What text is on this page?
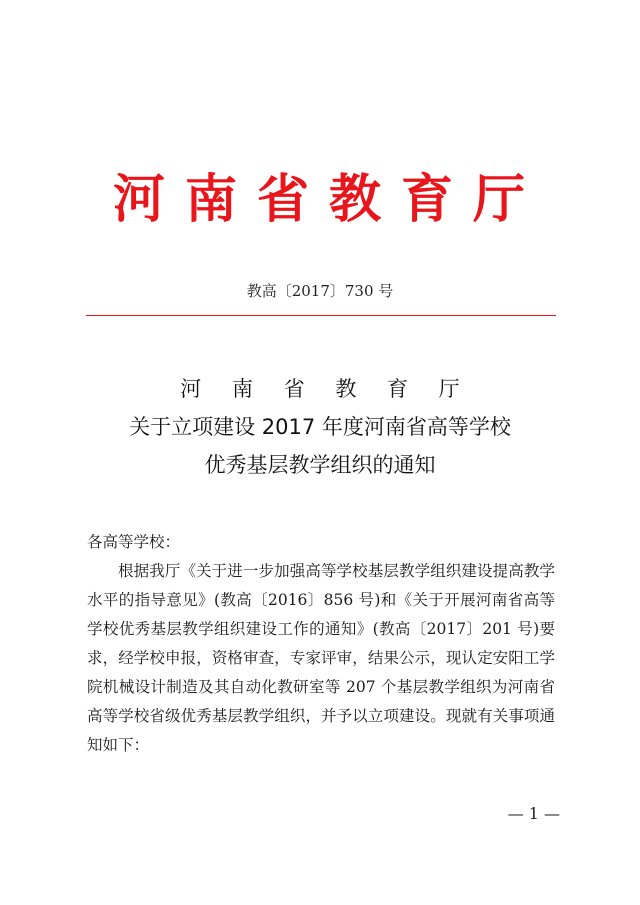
河南省教育厅
教高〔2017〕730 号
河 南 省 教 育 厅
关于立项建设 2017 年度河南省高等学校
优秀基层教学组织的通知

各高等学校：

根据我厅《关于进一步加强高等学校基层教学组织建设提高教学水平的指导意见》(教高〔2016〕856 号)和《关于开展河南省高等学校优秀基层教学组织建设工作的通知》(教高〔2017〕201 号)要求，经学校申报，资格审查，专家评审，结果公示，现认定安阳工学院机械设计制造及其自动化教研室等 207 个基层教学组织为河南省高等学校省级优秀基层教学组织，并予以立项建设。现就有关事项通知如下：

— 1 —
